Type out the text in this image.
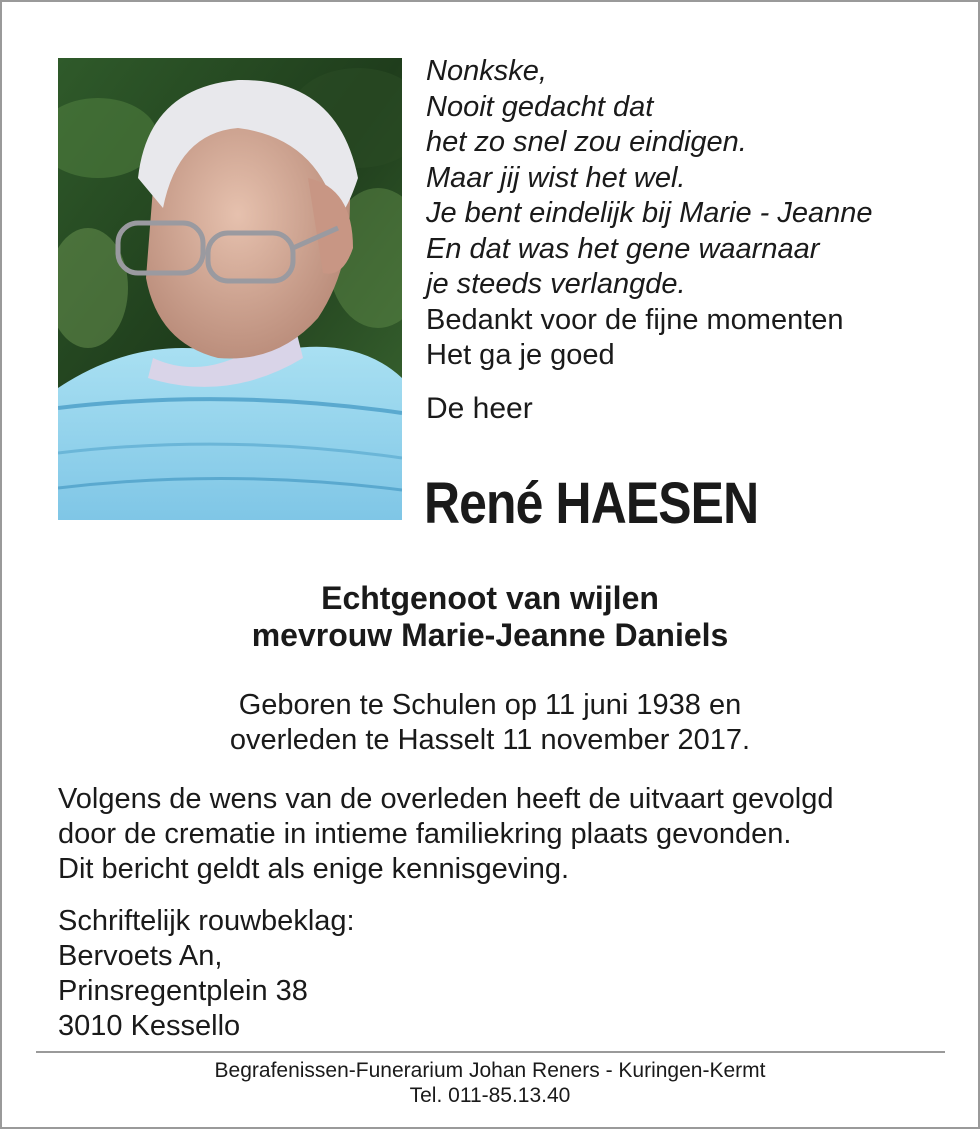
Nonkske,
Nooit gedacht dat
het zo snel zou eindigen.
Maar jij wist het wel.
Je bent eindelijk bij Marie - Jeanne
En dat was het gene waarnaar
je steeds verlangde.
Bedankt voor de fijne momenten
Het ga je goed
De heer
René HAESEN
Echtgenoot van wijlen
mevrouw Marie-Jeanne Daniels
Geboren te Schulen op 11 juni 1938 en
overleden te Hasselt 11 november 2017.
Volgens de wens van de overleden heeft de uitvaart gevolgd
door de crematie in intieme familiekring plaats gevonden.
Dit bericht geldt als enige kennisgeving.
Schriftelijk rouwbeklag:
Bervoets An,
Prinsregentplein 38
3010 Kessello
Begrafenissen-Funerarium Johan Reners - Kuringen-Kermt
Tel. 011-85.13.40
